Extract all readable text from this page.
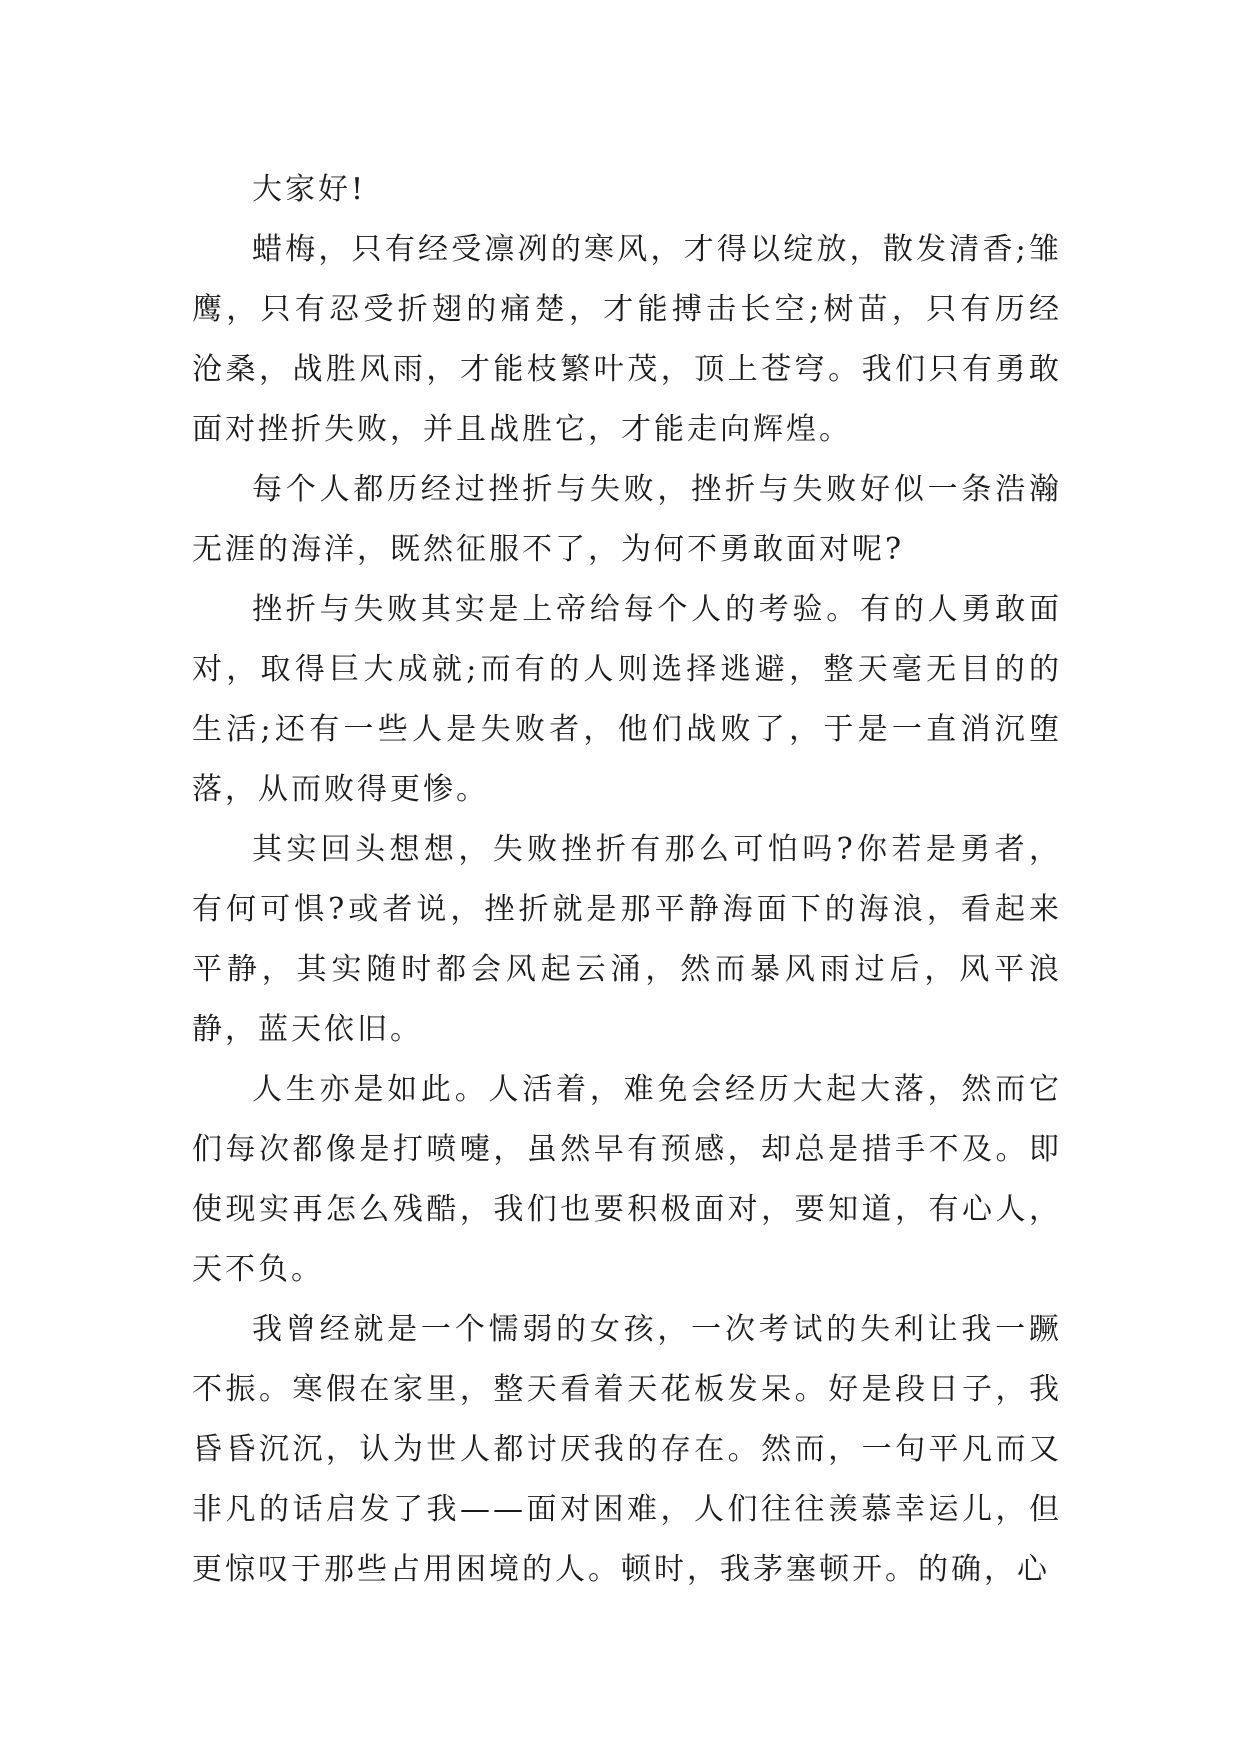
大家好!

蜡梅，只有经受凛冽的寒风，才得以绽放，散发清香;雏鹰，只有忍受折翅的痛楚，才能搏击长空;树苗，只有历经沧桑，战胜风雨，才能枝繁叶茂，顶上苍穹。我们只有勇敢面对挫折失败，并且战胜它，才能走向辉煌。

每个人都历经过挫折与失败，挫折与失败好似一条浩瀚无涯的海洋，既然征服不了，为何不勇敢面对呢?

挫折与失败其实是上帝给每个人的考验。有的人勇敢面对，取得巨大成就;而有的人则选择逃避，整天毫无目的的生活;还有一些人是失败者，他们战败了，于是一直消沉堕落，从而败得更惨。

其实回头想想，失败挫折有那么可怕吗?你若是勇者，有何可惧?或者说，挫折就是那平静海面下的海浪，看起来平静，其实随时都会风起云涌，然而暴风雨过后，风平浪静，蓝天依旧。

人生亦是如此。人活着，难免会经历大起大落，然而它们每次都像是打喷嚏，虽然早有预感，却总是措手不及。即使现实再怎么残酷，我们也要积极面对，要知道，有心人，天不负。

我曾经就是一个懦弱的女孩，一次考试的失利让我一蹶不振。寒假在家里，整天看着天花板发呆。好是段日子，我昏昏沉沉，认为世人都讨厌我的存在。然而，一句平凡而又非凡的话启发了我——面对困难，人们往往羡慕幸运儿，但更惊叹于那些占用困境的人。顿时，我茅塞顿开。的确，心
